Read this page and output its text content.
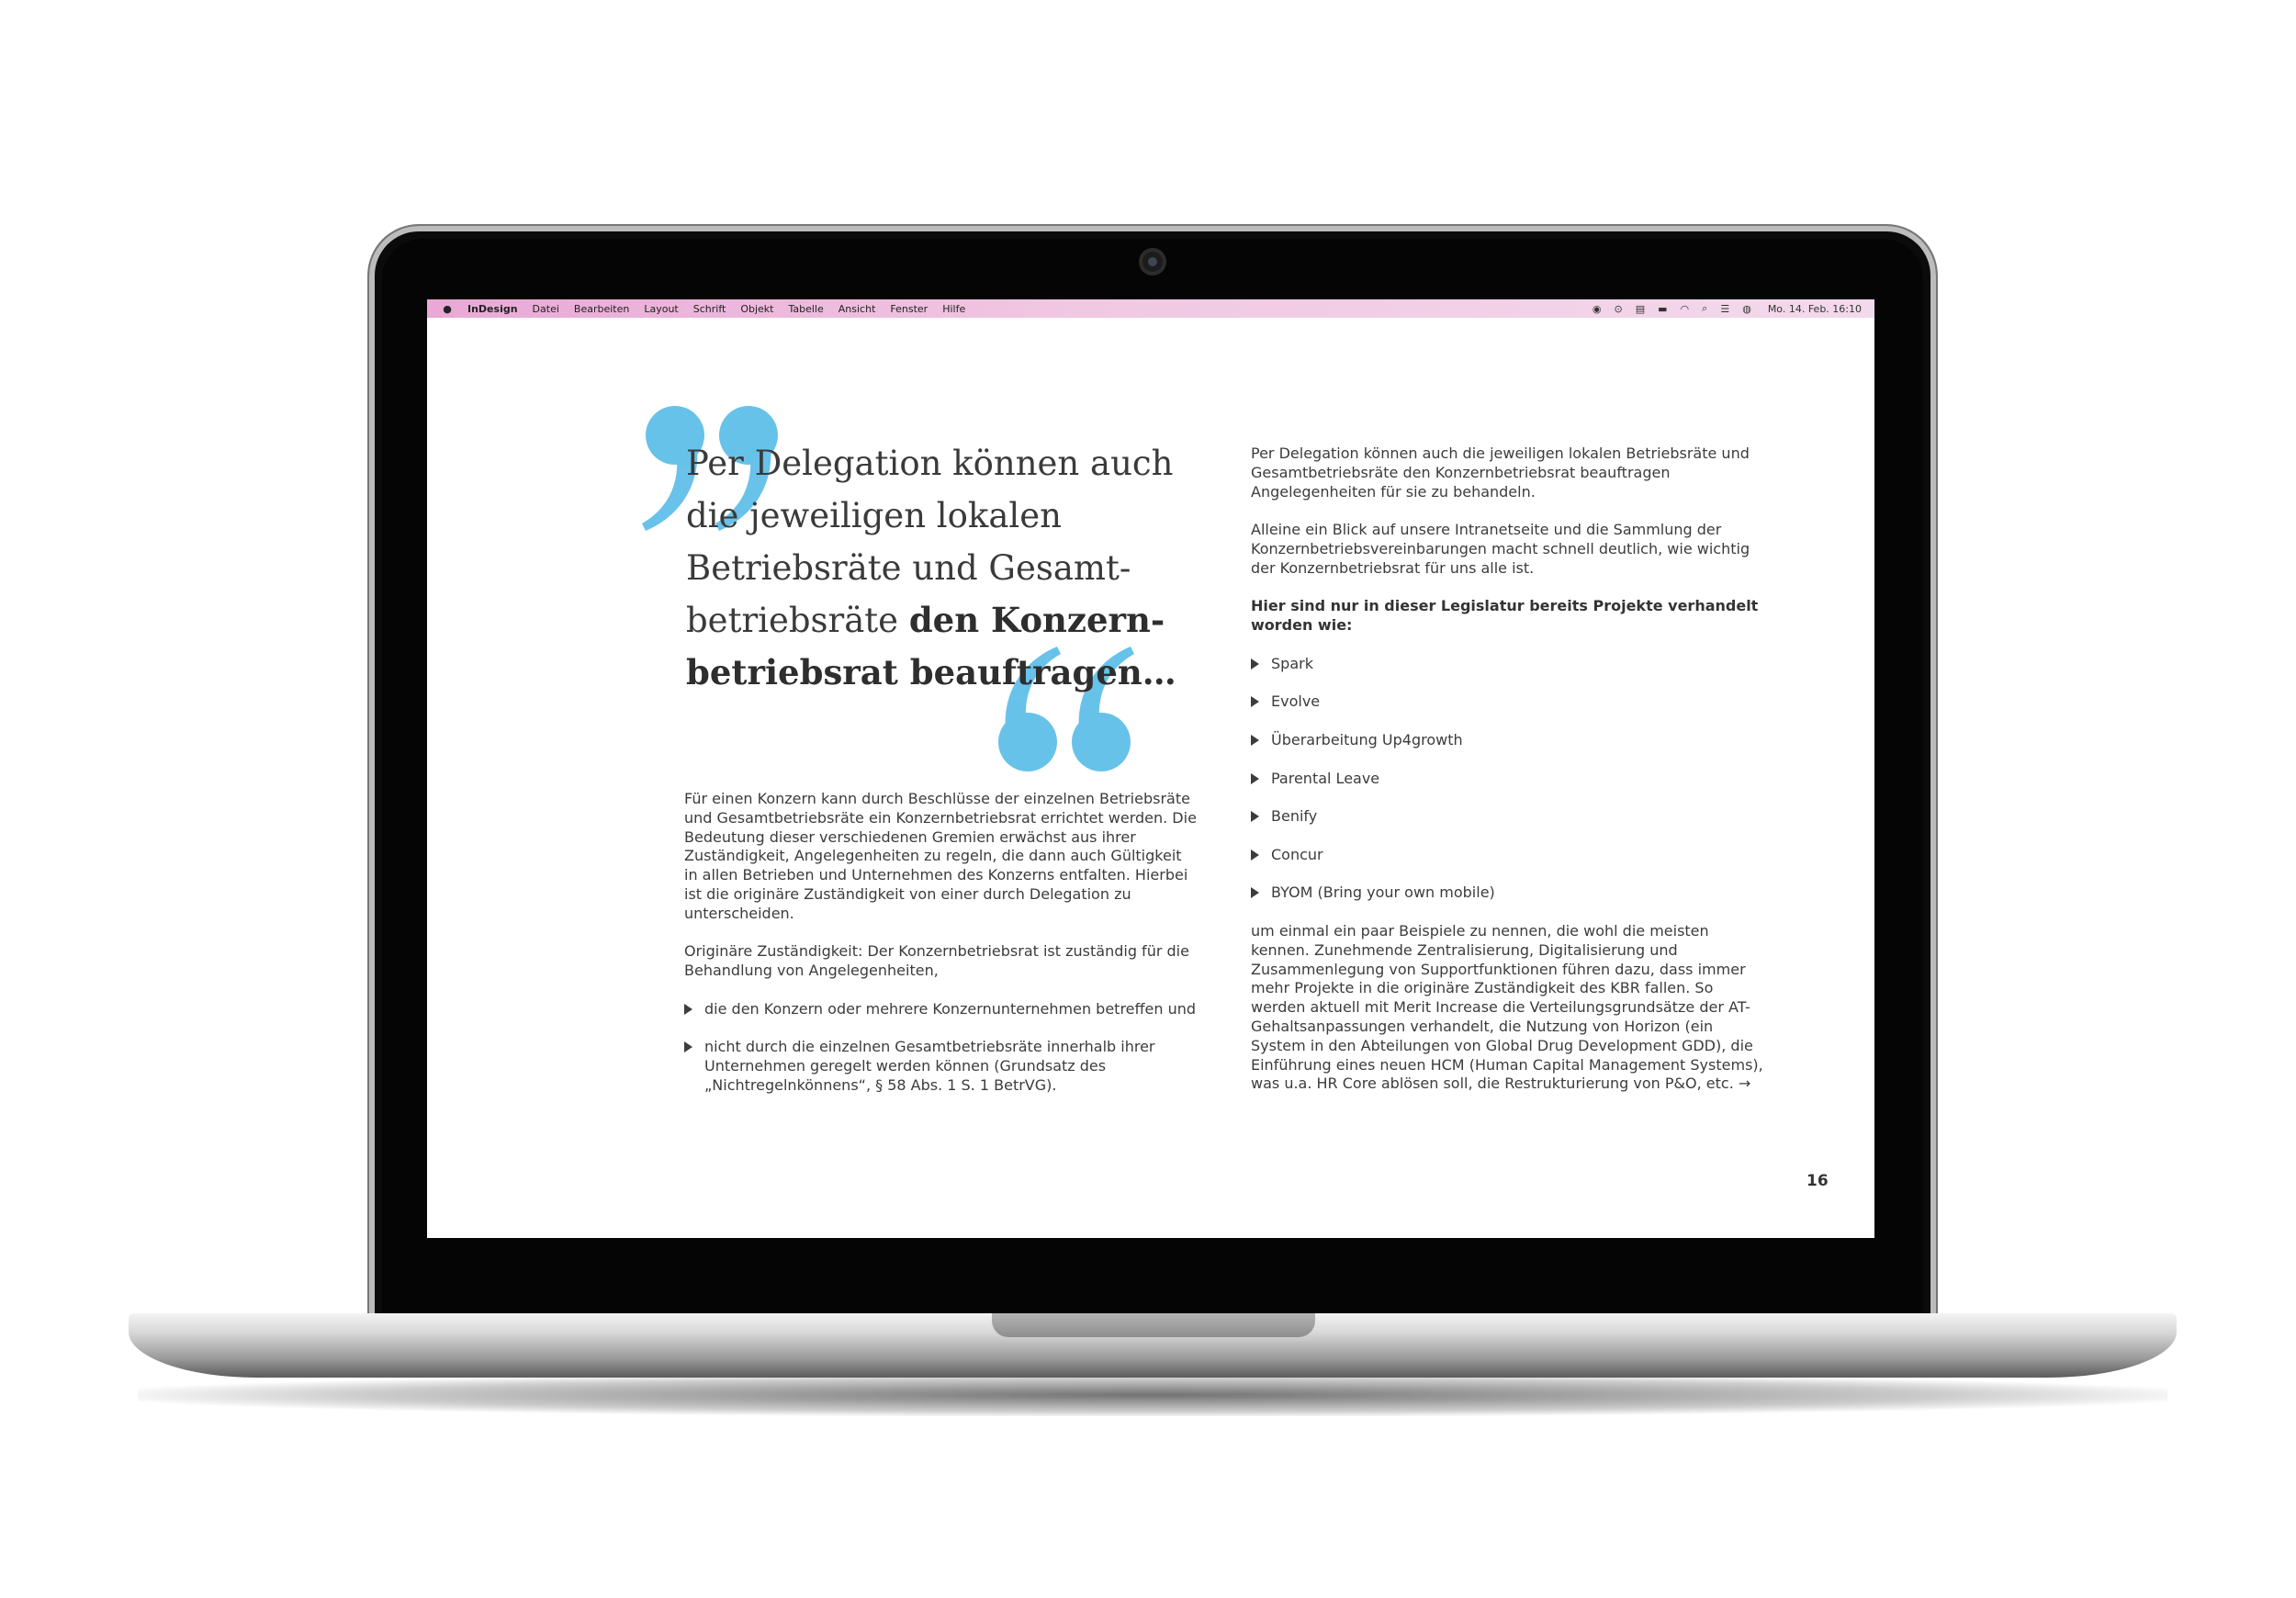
● InDesign Datei Bearbeiten Layout Schrift Objekt Tabelle Ansicht Fenster Hilfe	◉ ⊙ ▤ ▬ ◠ ⌕ ☰ ◍ Mo. 14. Feb. 16:10
Per Delegation können auch die jeweiligen lokalen Betriebsräte und Gesamtbetriebsräte den Konzernbetriebsrat beauftragen…

Für einen Konzern kann durch Beschlüsse der einzelnen Betriebsräte und Gesamtbetriebsräte ein Konzernbetriebsrat errichtet werden. Die Bedeutung dieser verschiedenen Gremien erwächst aus ihrer Zuständigkeit, Angelegenheiten zu regeln, die dann auch Gültigkeit in allen Betrieben und Unternehmen des Konzerns entfalten. Hierbei ist die originäre Zuständigkeit von einer durch Delegation zu unterscheiden.

Originäre Zuständigkeit: Der Konzernbetriebsrat ist zuständig für die Behandlung von Angelegenheiten,

die den Konzern oder mehrere Konzernunternehmen betreffen und
nicht durch die einzelnen Gesamtbetriebsräte innerhalb ihrer Unternehmen geregelt werden können (Grundsatz des „Nichtregelnkönnens“, § 58 Abs. 1 S. 1 BetrVG).

Per Delegation können auch die jeweiligen lokalen Betriebsräte und Gesamtbetriebsräte den Konzernbetriebsrat beauftragen Angelegenheiten für sie zu behandeln.

Alleine ein Blick auf unsere Intranetseite und die Sammlung der Konzernbetriebsvereinbarungen macht schnell deutlich, wie wichtig der Konzernbetriebsrat für uns alle ist.

Hier sind nur in dieser Legislatur bereits Projekte verhandelt worden wie:

Spark
Evolve
Überarbeitung Up4growth
Parental Leave
Benify
Concur
BYOM (Bring your own mobile)

um einmal ein paar Beispiele zu nennen, die wohl die meisten kennen. Zunehmende Zentralisierung, Digitalisierung und Zusammenlegung von Supportfunktionen führen dazu, dass immer mehr Projekte in die originäre Zuständigkeit des KBR fallen. So werden aktuell mit Merit Increase die Verteilungsgrundsätze der AT-Gehaltsanpassungen verhandelt, die Nutzung von Horizon (ein System in den Abteilungen von Global Drug Development GDD), die Einführung eines neuen HCM (Human Capital Management Systems), was u.a. HR Core ablösen soll, die Restrukturierung von P&O, etc. →

16
